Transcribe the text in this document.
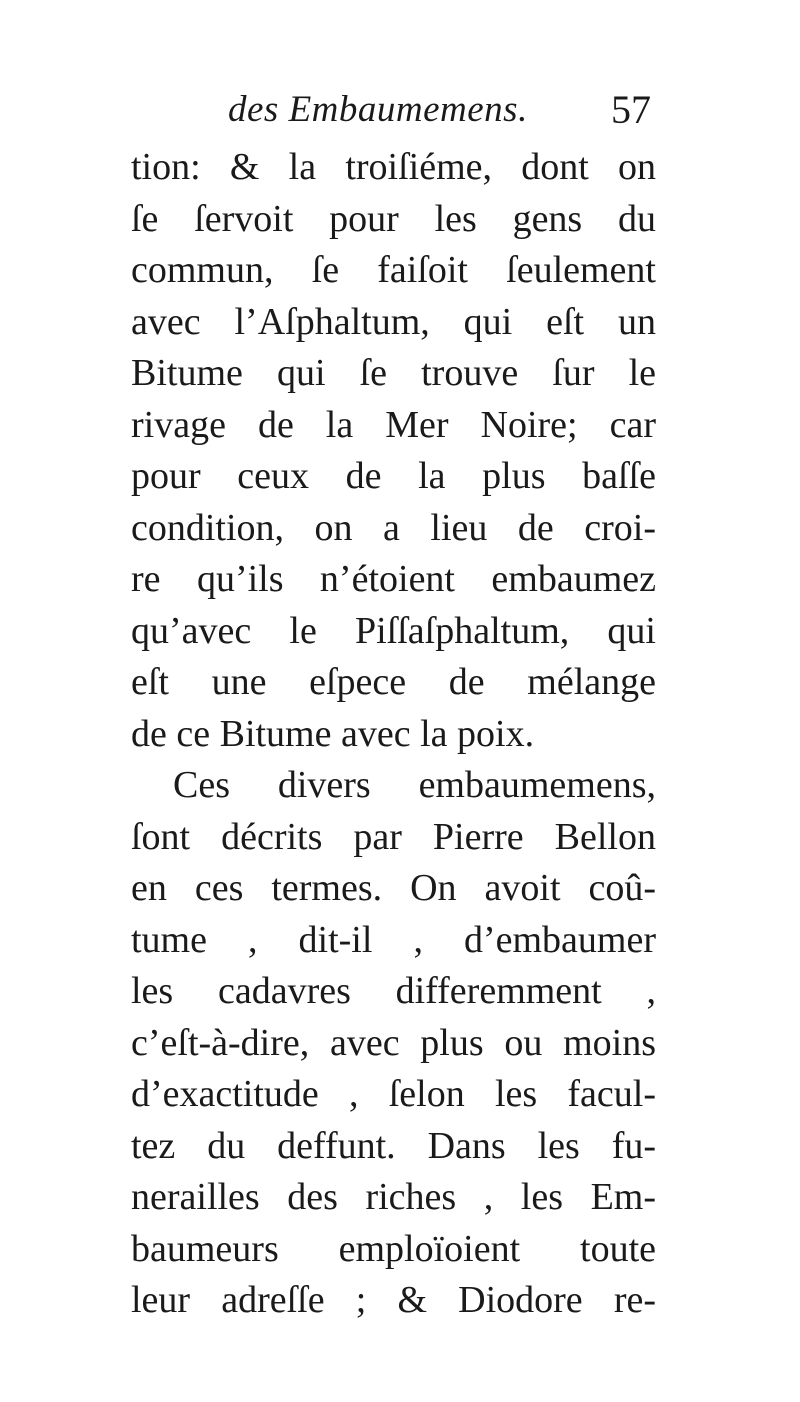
des Embaumemens. 57
tion: & la troiſiéme, dont on
ſe ſervoit pour les gens du
commun, ſe faiſoit ſeulement
avec l’Aſphaltum, qui eſt un
Bitume qui ſe trouve ſur le
rivage de la Mer Noire; car
pour ceux de la plus baſſe
condition, on a lieu de croi-
re qu’ils n’étoient embaumez
qu’avec le Piſſaſphaltum, qui
eſt une eſpece de mélange
de ce Bitume avec la poix.
Ces divers embaumemens,
ſont décrits par Pierre Bellon
en ces termes. On avoit coû-
tume , dit-il , d’embaumer
les cadavres differemment ,
c’eſt-à-dire, avec plus ou moins
d’exactitude , ſelon les facul-
tez du deffunt. Dans les fu-
nerailles des riches , les Em-
baumeurs emploïoient toute
leur adreſſe ; & Diodore re-
